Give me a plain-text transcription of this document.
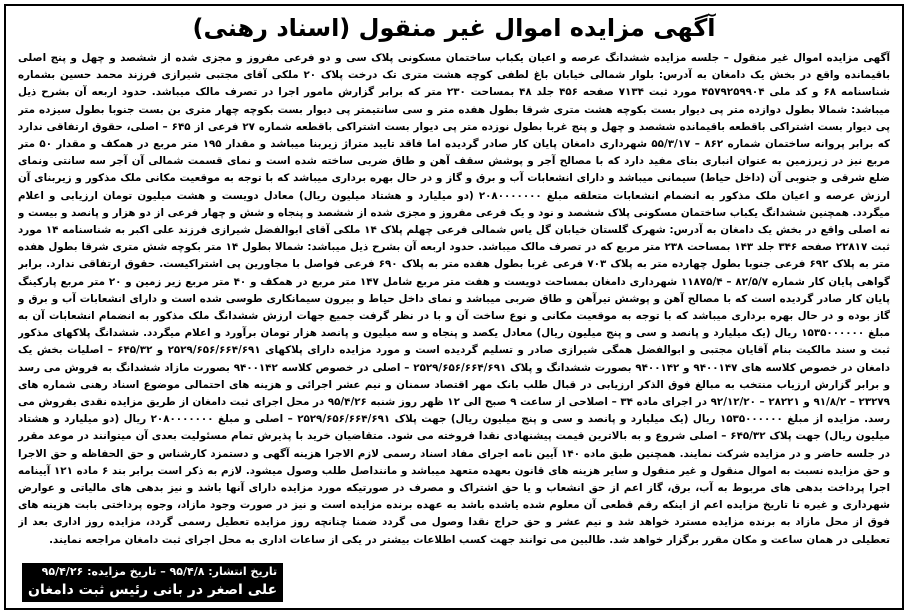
آگهی مزایده اموال غیر منقول (اسناد رهنی)
آگهی مزایده اموال غیر منقول – جلسه مزایده ششدانگ عرصه و اعیان یکباب ساختمان مسکونی پلاک سی و دو فرعی مفروز و مجزی شده از ششصد و چهل و پنج اصلی باقیمانده واقع در بخش یک دامغان به آدرس: بلوار شمالی خیابان باغ لطفی کوچه هشت متری تک درخت پلاک ۲۰ ملکی آقای مجتبی شیرازی فرزند محمد حسین بشماره شناسنامه ۶۸ و کد ملی ۴۵۷۹۲۵۹۹۰۴ مورد ثبت ۷۱۳۴ صفحه ۴۵۶ جلد ۴۸ بمساحت ۲۳۰ متر که برابر گزارش مامور اجرا در تصرف مالک میباشد. حدود اربعه آن بشرح ذیل میباشد: شمالا بطول دوازده متر پی دیوار بست بکوچه هشت متری شرقا بطول هفده متر و سی سانتیمتر پی دیوار بست بکوچه چهار متری بن بست جنوبا بطول سیزده متر پی دیوار بست اشتراکی باقطعه باقیمانده ششصد و چهل و پنج غربا بطول نوزده متر پی دیوار بست اشتراکی باقطعه شماره ۲۷ فرعی از ۶۴۵ – اصلی، حقوق ارتفاقی ندارد که برابر پروانه ساختمان شماره ۸۶۲ – ۵۵/۳/۱۷ شهرداری دامغان پایان کار صادر گردیده اما فاقد تایید متراژ زیربنا میباشد و مقدار ۱۹۵ متر مربع در همکف و مقدار ۵۰ متر مربع نیز در زیرزمین به عنوان انباری بنای مفید دارد که با مصالح آجر و پوشش سقف آهن و طاق ضربی ساخته شده است و نمای قسمت شمالی آن آجر سه سانتی ونمای ضلع شرقی و جنوبی آن (داخل حیاط) سیمانی میباشد و دارای انشعابات آب و برق و گاز و در حال بهره برداری میباشد که با توجه به موقعیت مکانی ملک مذکور و زیربنای آن ارزش عرصه و اعیان ملک مذکور به انضمام انشعابات متعلقه مبلغ ۲۰۸۰۰۰۰۰۰۰ (دو میلیارد و هشتاد میلیون ریال) معادل دویست و هشت میلیون تومان ارزیابی و اعلام میگردد. همچنین ششدانگ یکباب ساختمان مسکونی پلاک ششصد و نود و یک فرعی مفروز و مجزی شده از ششصد و پنجاه و شش و چهار فرعی از دو هزار و پانصد و بیست و نه اصلی واقع در بخش یک دامغان به آدرس: شهرک گلستان خیابان گل یاس شمالی فرعی چهلم پلاک ۱۴ ملکی آقای ابوالفضل شیرازی فرزند علی اکبر به شناسنامه ۱۴ مورد ثبت ۲۲۸۱۷ صفحه ۳۴۶ جلد ۱۴۳ بمساحت ۲۳۸ متر مربع که در تصرف مالک میباشد. حدود اربعه آن بشرح ذیل میباشد: شمالا بطول ۱۴ متر بکوچه شش متری شرقا بطول هفده متر به پلاک ۶۹۲ فرعی جنوبا بطول چهارده متر به پلاک ۷۰۳ فرعی غربا بطول هفده متر به پلاک ۶۹۰ فرعی فواصل با مجاورین پی اشتراکیست. حقوق ارتفاقی ندارد. برابر گواهی پایان کار شماره ۸۲/۵/۷ – ۱۱۸۷۵/۴ شهرداری دامغان بمساحت دویست و هفت متر مربع شامل ۱۴۷ متر مربع در همکف و ۴۰ متر مربع زیر زمین و ۲۰ متر مربع پارکینگ پایان کار صادر گردیده است که با مصالح آهن و پوشش تیرآهن و طاق ضربی میباشد و نمای داخل حیاط و بیرون سیمانکاری طوسی شده است و دارای انشعابات آب و برق و گاز بوده و در حال بهره برداری میباشد که با توجه به موقعیت مکانی و نوع ساخت آن و با در نظر گرفت جمیع جهات ارزش ششدانگ ملک مذکور به انضمام انشعابات آن به مبلغ ۱۵۳۵۰۰۰۰۰۰ ریال (یک میلیارد و پانصد و سی و پنج میلیون ریال) معادل یکصد و پنجاه و سه میلیون و پانصد هزار تومان برآورد و اعلام میگردد. ششدانگ پلاکهای مذکور ثبت و سند مالکیت بنام آقایان مجتبی و ابوالفضل همگی شیرازی صادر و تسلیم گردیده است و مورد مزایده دارای پلاکهای ۲۵۲۹/۶۵۶/۶۶۴/۶۹۱ و ۶۴۵/۳۲ – اصلیات بخش یک دامغان در خصوص کلاسه های ۹۴۰۰۱۴۷ و ۹۴۰۰۱۴۲ بصورت ششدانگ و پلاک ۲۵۲۹/۶۵۶/۶۶۴/۶۹۱ – اصلی در خصوص کلاسه ۹۴۰۰۱۴۲ بصورت مازاد ششدانگ به فروش می رسد و برابر گزارش ارزیاب منتخب به مبالغ فوق الذکر ارزیابی در قبال طلب بانک مهر اقتصاد سمنان و نیم عشر اجرائی و هزینه های احتمالی موضوع اسناد رهنی شماره های ۲۳۲۷۹ – ۹۱/۸/۲ و ۲۸۲۲۱ – ۹۲/۱۲/۲۰ در اجرای ماده ۳۴ – اصلاحی از ساعت ۹ صبح الی ۱۲ ظهر روز شنبه ۹۵/۴/۲۶ در محل اجرای ثبت دامغان از طریق مزایده نقدی بفروش می رسد. مزایده از مبلغ ۱۵۳۵۰۰۰۰۰۰ ریال (یک میلیارد و پانصد و سی و پنج میلیون ریال) جهت پلاک ۲۵۲۹/۶۵۶/۶۶۴/۶۹۱ – اصلی و مبلغ ۲۰۸۰۰۰۰۰۰۰ ریال (دو میلیارد و هشتاد میلیون ریال) جهت پلاک ۶۴۵/۳۲ – اصلی شروع و به بالاترین قیمت پیشنهادی نقدا فروخته می شود. متقاضیان خرید با پذیرش تمام مسئولیت بعدی آن میتوانند در موعد مقرر در جلسه حاضر و در مزایده شرکت نمایند. همچنین طبق ماده ۱۴۰ آیین نامه اجرای مفاد اسناد رسمی لازم الاجرا هزینه آگهی و دستمزد کارشناس و حق الحفاظه و حق الاجرا و حق مزایده نسبت به اموال منقول و غیر منقول و سایر هزینه های قانون بعهده متعهد میباشد و ماننداصل طلب وصول میشود. لازم به ذکر است برابر بند ۶ ماده ۱۲۱ آیینامه اجرا پرداخت بدهی های مربوط به آب، برق، گاز اعم از حق انشعاب و یا حق اشتراک و مصرف در صورتیکه مورد مزایده دارای آنها باشد و نیز بدهی های مالیاتی و عوارض شهرداری و غیره تا تاریخ مزایده اعم از اینکه رقم قطعی آن معلوم شده یاشده باشد به عهده برنده مزایده است و نیز در صورت وجود مازاد، وجوه پرداختی بابت هزینه های فوق از محل مازاد به برنده مزایده مسترد خواهد شد و نیم عشر و حق حراج نقدا وصول می گردد ضمنا چنانچه روز مزایده تعطیل رسمی گردد، مزایده روز اداری بعد از تعطیلی در همان ساعت و مکان مقرر برگزار خواهد شد. طالبین می توانند جهت کسب اطلاعات بیشتر در یکی از ساعات اداری به محل اجرای ثبت دامغان مراجعه نمایند.
تاریخ انتشار: ۹۵/۴/۸ – تاریخ مزایده: ۹۵/۴/۲۶
علی اصغر در بانی رئیس ثبت دامغان
